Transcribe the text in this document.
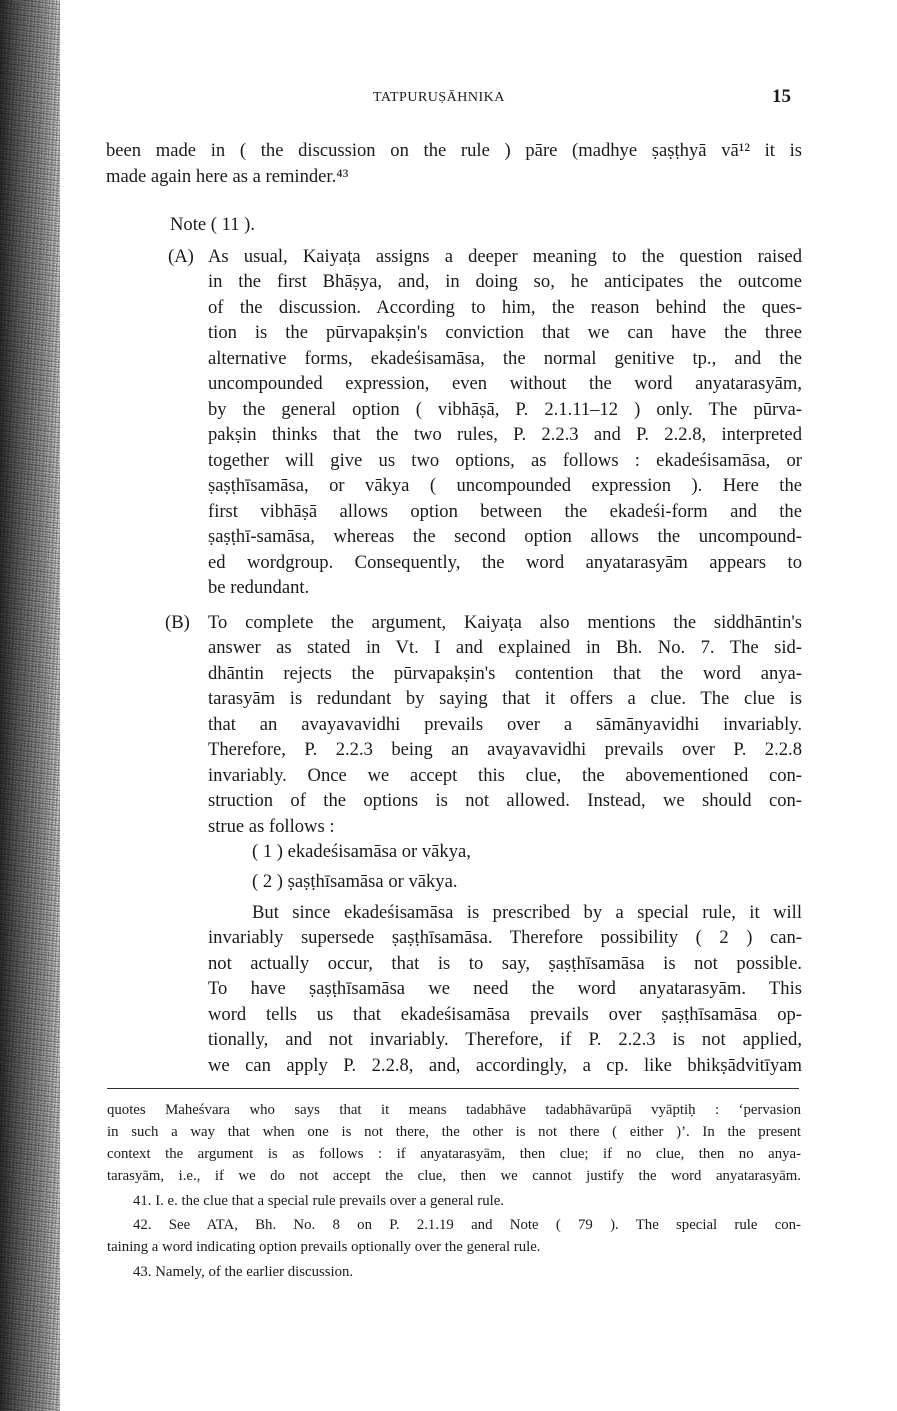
TATPURUṢĀHNIKA	15
been made in ( the discussion on the rule ) pāre (madhye ṣaṣṭhyā vā¹² it is
made again here as a reminder.⁴³
Note ( 11 ).
(A) As usual, Kaiyaṭa assigns a deeper meaning to the question raised
in the first Bhāṣya, and, in doing so, he anticipates the outcome
of the discussion. According to him, the reason behind the ques-
tion is the pūrvapakṣin's conviction that we can have the three
alternative forms, ekadeśisamāsa, the normal genitive tp., and the
uncompounded expression, even without the word anyatarasyām,
by the general option ( vibhāṣā, P. 2.1.11–12 ) only. The pūrva-
pakṣin thinks that the two rules, P. 2.2.3 and P. 2.2.8, interpreted
together will give us two options, as follows : ekadeśisamāsa, or
ṣaṣṭhīsamāsa, or vākya ( uncompounded expression ). Here the
first vibhāṣā allows option between the ekadeśi-form and the
ṣaṣṭhī-samāsa, whereas the second option allows the uncompound-
ed wordgroup. Consequently, the word anyatarasyām appears to
be redundant.
(B) To complete the argument, Kaiyaṭa also mentions the siddhāntin's
answer as stated in Vt. I and explained in Bh. No. 7. The sid-
dhāntin rejects the pūrvapakṣin's contention that the word anya-
tarasyām is redundant by saying that it offers a clue. The clue is
that an avayavavidhi prevails over a sāmānyavidhi invariably.
Therefore, P. 2.2.3 being an avayavavidhi prevails over P. 2.2.8
invariably. Once we accept this clue, the abovementioned con-
struction of the options is not allowed. Instead, we should con-
strue as follows :
( 1 ) ekadeśisamāsa or vākya,
( 2 ) ṣaṣṭhīsamāsa or vākya.
But since ekadeśisamāsa is prescribed by a special rule, it will
invariably supersede ṣaṣṭhīsamāsa. Therefore possibility ( 2 ) can-
not actually occur, that is to say, ṣaṣṭhīsamāsa is not possible.
To have ṣaṣṭhīsamāsa we need the word anyatarasyām. This
word tells us that ekadeśisamāsa prevails over ṣaṣṭhīsamāsa op-
tionally, and not invariably. Therefore, if P. 2.2.3 is not applied,
we can apply P. 2.2.8, and, accordingly, a cp. like bhikṣādvitīyam
quotes Maheśvara who says that it means tadabhāve tadabhāvarūpā vyāptiḥ : ‘pervasion
in such a way that when one is not there, the other is not there ( either )’. In the present
context the argument is as follows : if anyatarasyām, then clue; if no clue, then no anya-
tarasyām, i.e., if we do not accept the clue, then we cannot justify the word anyatarasyām.
41. I. e. the clue that a special rule prevails over a general rule.
42. See ATA, Bh. No. 8 on P. 2.1.19 and Note ( 79 ). The special rule con-
taining a word indicating option prevails optionally over the general rule.
43. Namely, of the earlier discussion.
